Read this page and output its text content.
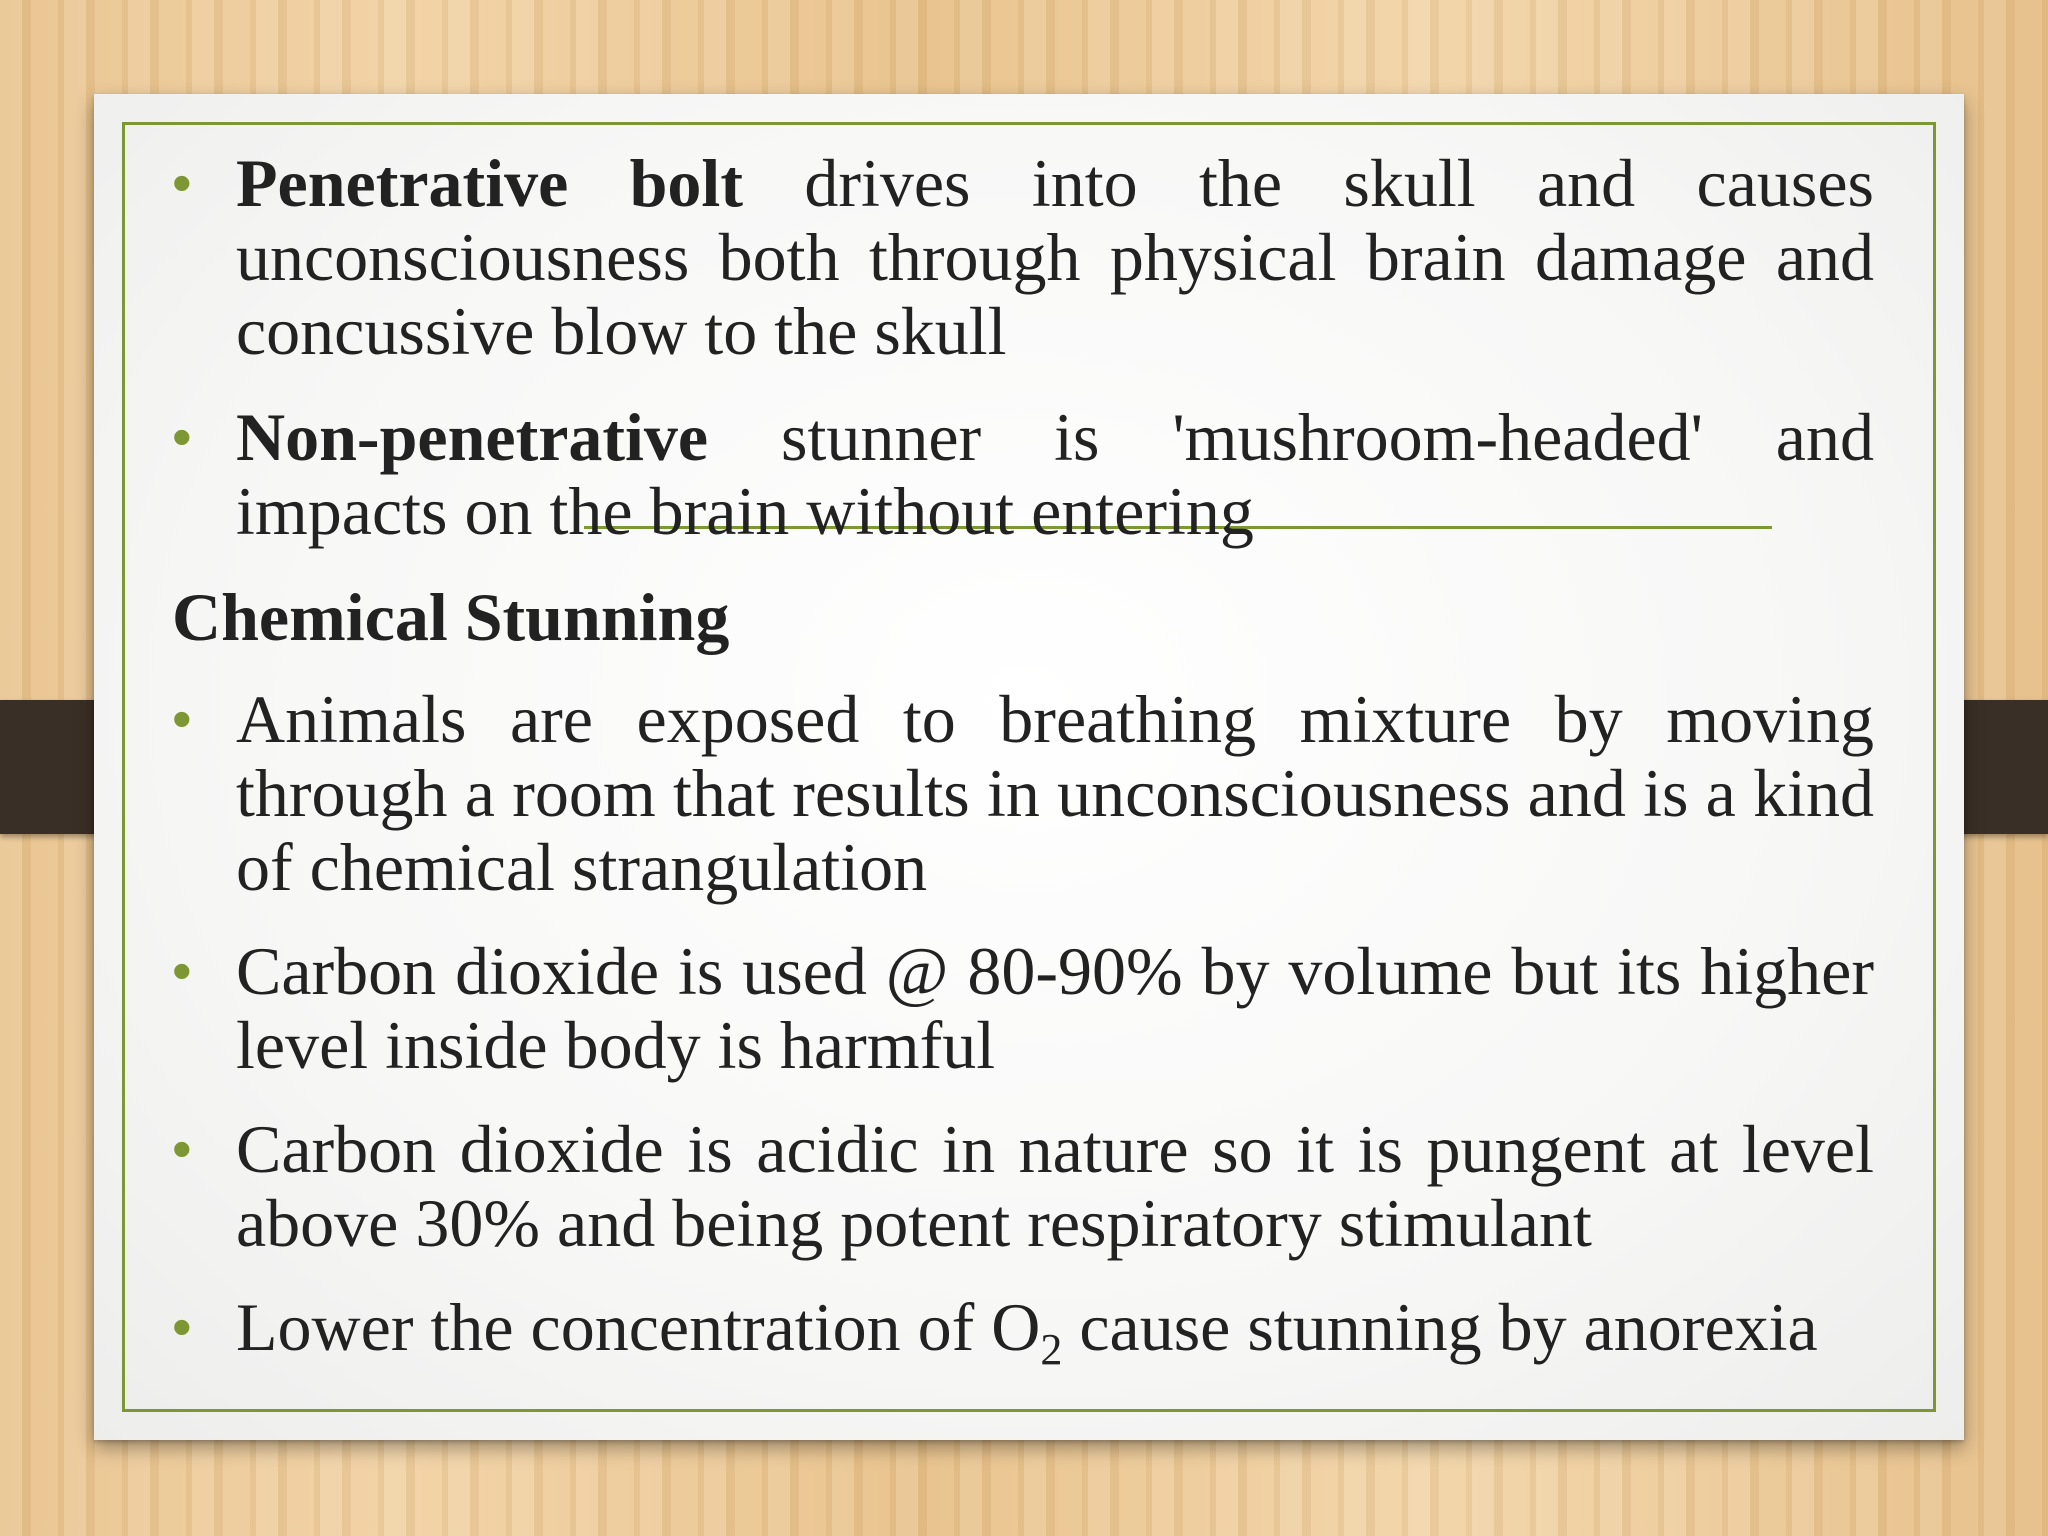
• Penetrative bolt drives into the skull and causes unconsciousness both through physical brain damage and concussive blow to the skull
• Non-penetrative stunner is 'mushroom-headed' and impacts on the brain without entering
Chemical Stunning
• Animals are exposed to breathing mixture by moving through a room that results in unconsciousness and is a kind of chemical strangulation
• Carbon dioxide is used @ 80-90% by volume but its higher level inside body is harmful
• Carbon dioxide is acidic in nature so it is pungent at level above 30% and being potent respiratory stimulant
• Lower the concentration of $O_2$ cause stunning by anorexia
